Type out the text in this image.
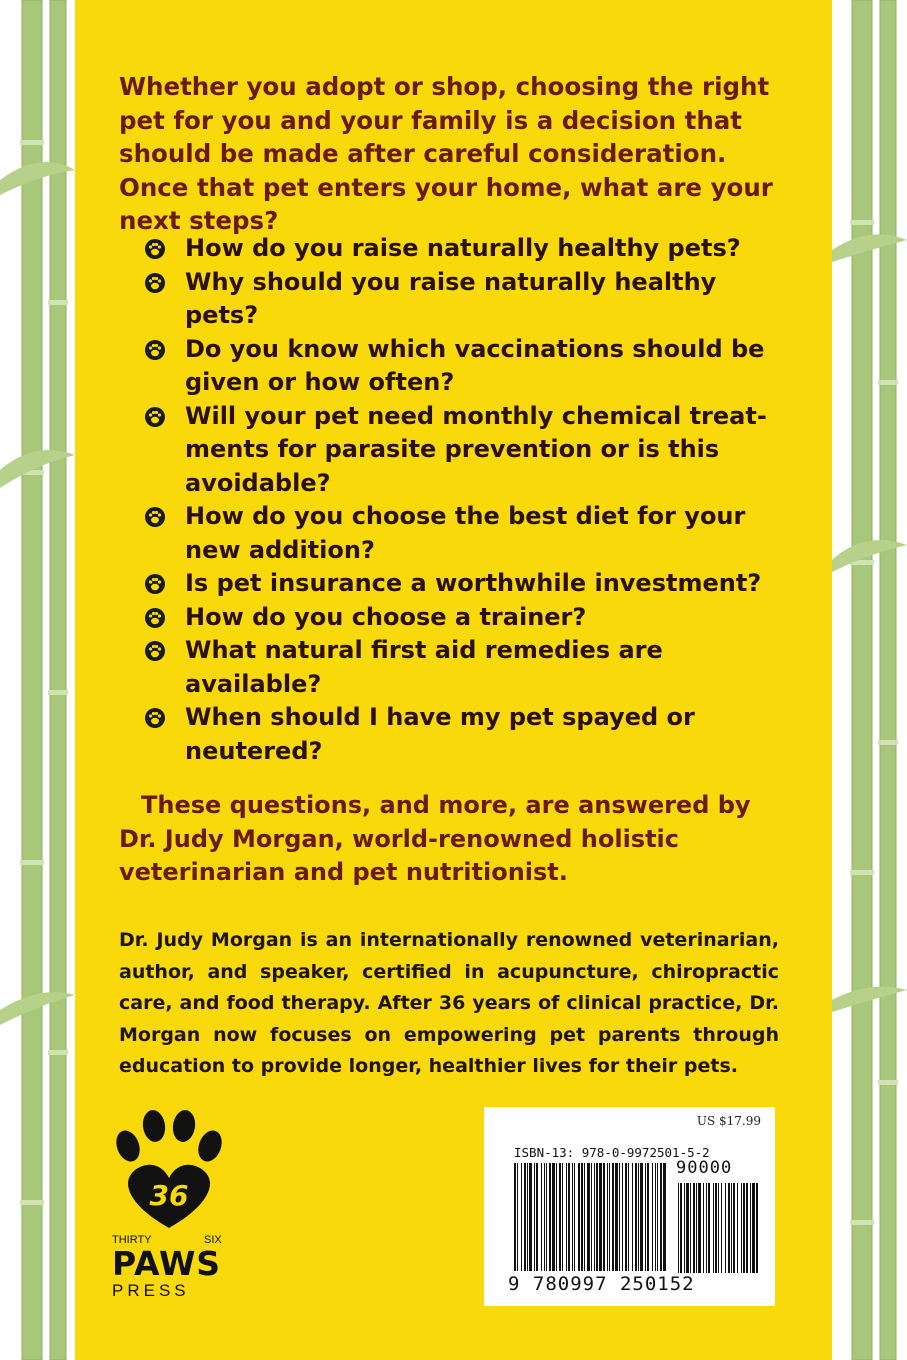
Whether you adopt or shop, choosing the right pet for you and your family is a decision that should be made after careful consideration. Once that pet enters your home, what are your next steps?

How do you raise naturally healthy pets?
Why should you raise naturally healthy pets?
Do you know which vaccinations should be given or how often?
Will your pet need monthly chemical treat-ments for parasite prevention or is this avoidable?
How do you choose the best diet for your new addition?
Is pet insurance a worthwhile investment?
How do you choose a trainer?
What natural first aid remedies are available?
When should I have my pet spayed or neutered?

These questions, and more, are answered by Dr. Judy Morgan, world-renowned holistic veterinarian and pet nutritionist.

Dr. Judy Morgan is an internationally renowned veterinarian, author, and speaker, certified in acupuncture, chiropractic care, and food therapy. After 36 years of clinical practice, Dr. Morgan now focuses on empowering pet parents through education to provide longer, healthier lives for their pets.

36
THIRTY	SIX
PAWS
PRESS
US $17.99
ISBN-13: 978-0-9972501-5-2
90000
9 780997 250152
